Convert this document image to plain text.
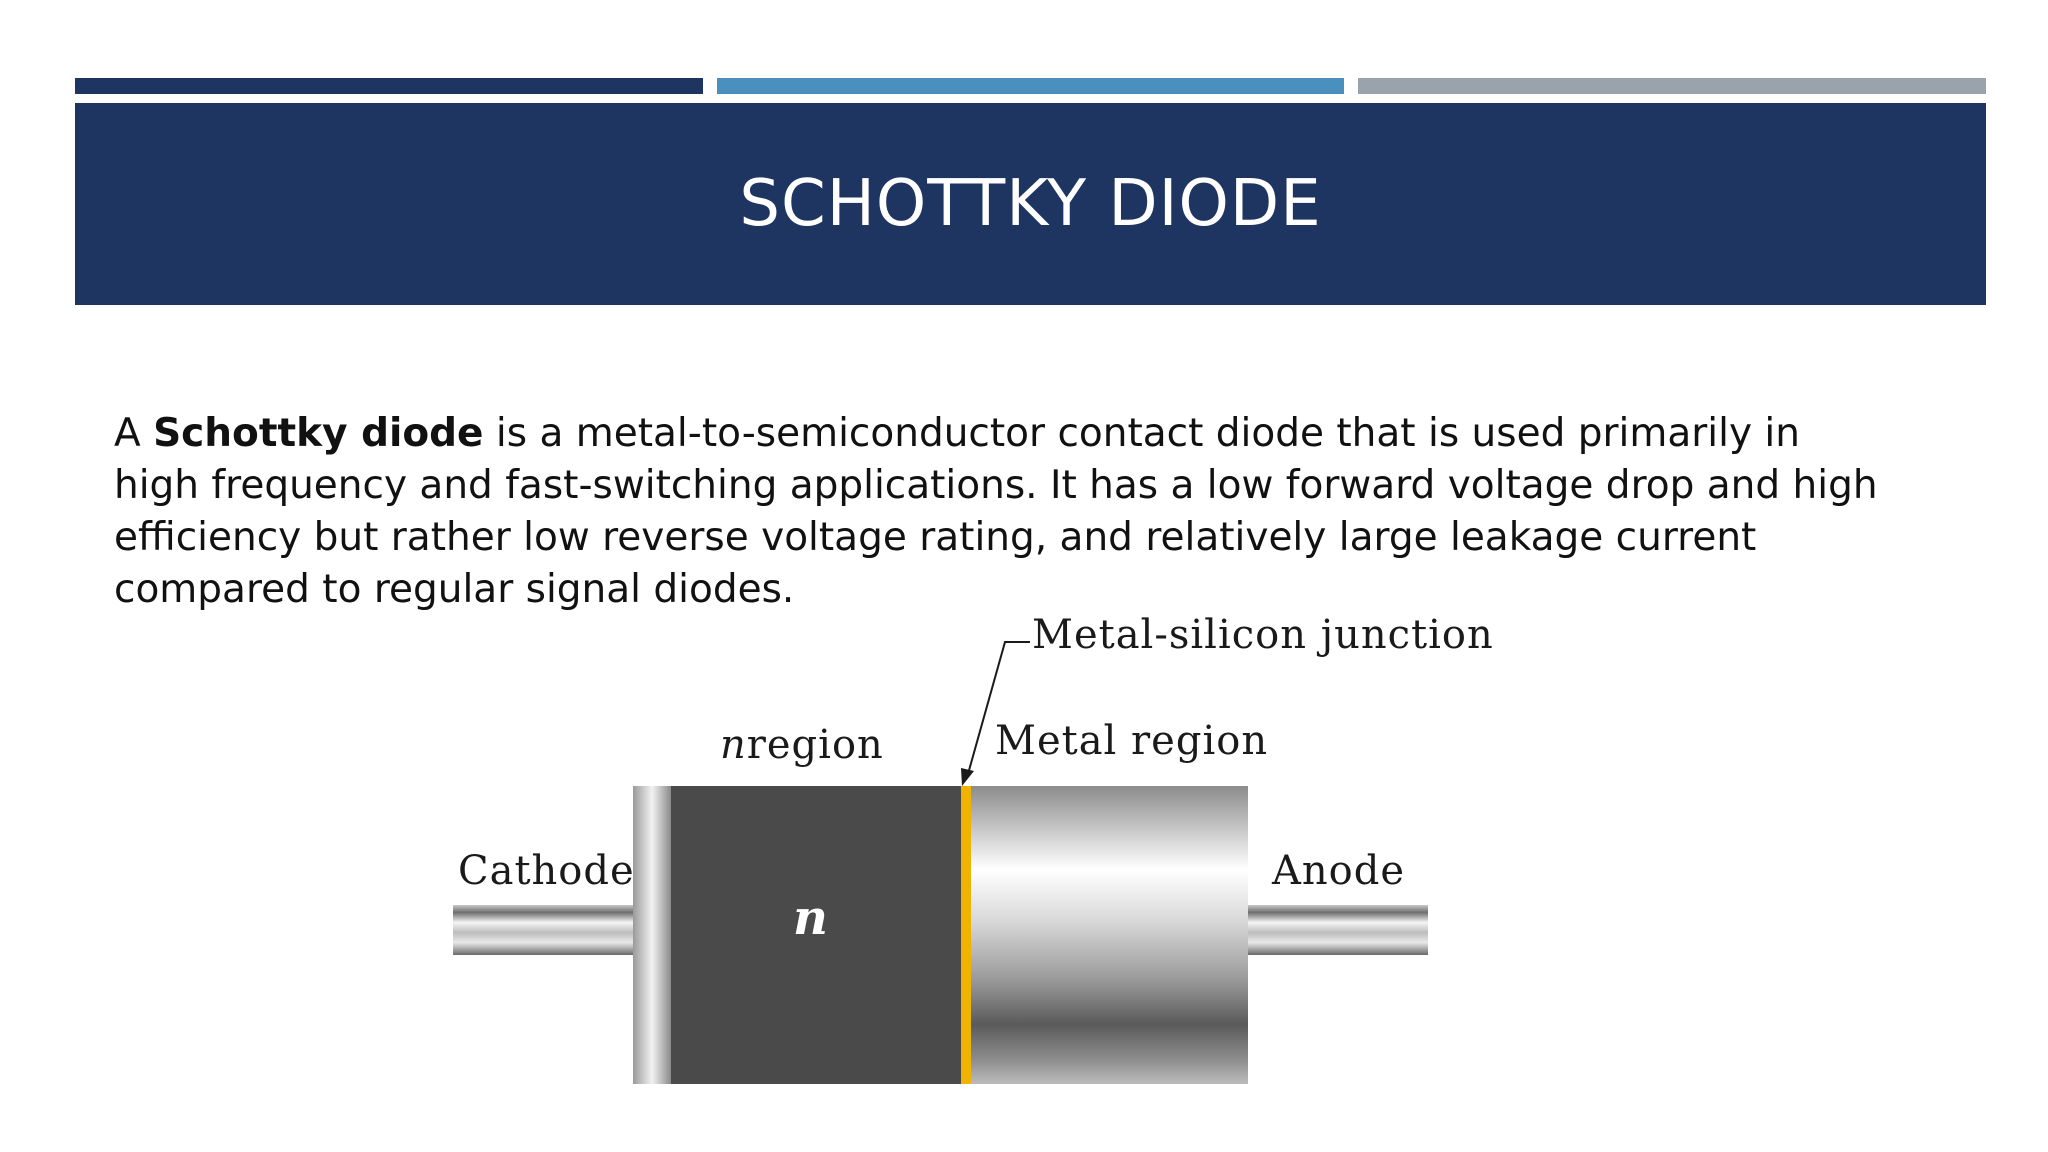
SCHOTTKY DIODE
A Schottky diode is a metal-to-semiconductor contact diode that is used primarily in high frequency and fast-switching applications. It has a low forward voltage drop and high efficiency but rather low reverse voltage rating, and relatively large leakage current compared to regular signal diodes.
Metal-silicon junction
nregion	Metal region
Cathode	Anode
n
